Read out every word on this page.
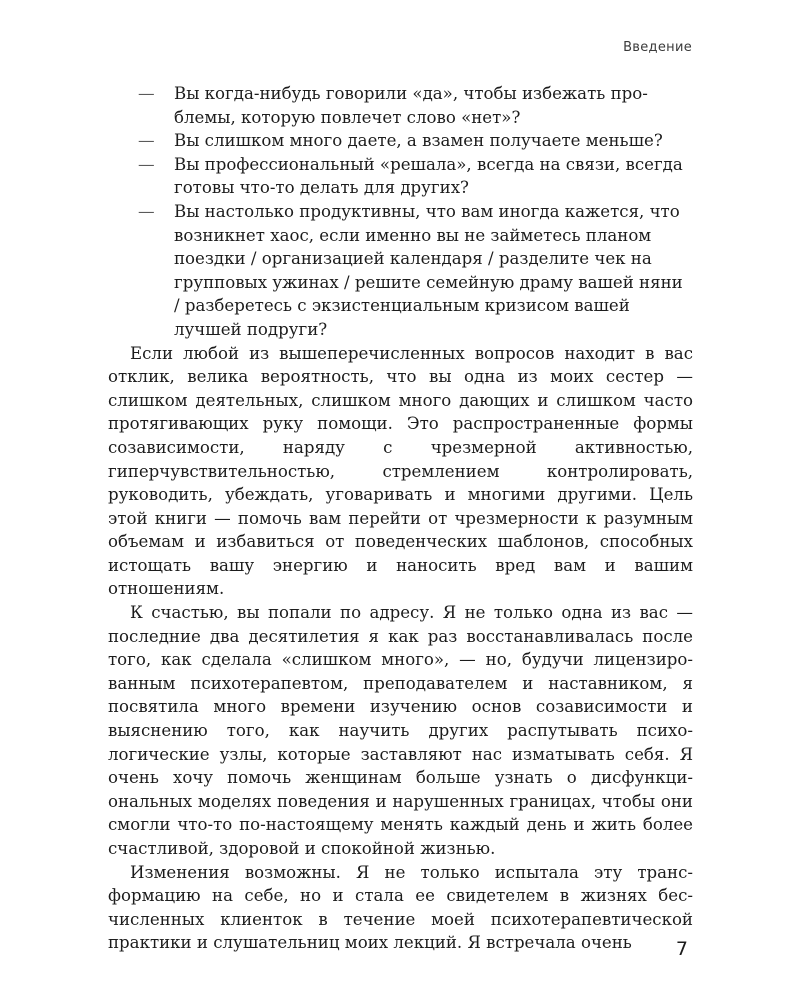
Введение
—	Вы когда-нибудь говорили «да», чтобы избежать проблемы, которую повлечет слово «нет»?
—	Вы слишком много даете, а взамен получаете меньше?
—	Вы профессиональный «решала», всегда на связи, всегда готовы что-то делать для других?
—	Вы настолько продуктивны, что вам иногда кажется, что возникнет хаос, если именно вы не займетесь планом поездки / организацией календаря / разделите чек на групповых ужинах / решите семейную драму вашей няни / разберетесь с экзистенциальным кризисом вашей лучшей подруги?

Если любой из вышеперечисленных вопросов находит в вас отклик, велика вероятность, что вы одна из моих сестер — слишком деятельных, слишком много дающих и слишком часто протягивающих руку помощи. Это распространенные формы созависимости, наряду с чрезмерной активностью, гиперчувствительностью, стремлением контролировать, руководить, убеждать, уговаривать и многими другими. Цель этой книги — помочь вам перейти от чрезмерности к разумным объемам и избавиться от поведенческих шаблонов, способных истощать вашу энергию и наносить вред вам и вашим отношениям.

К счастью, вы попали по адресу. Я не только одна из вас — последние два десятилетия я как раз восстанавливалась после того, как сделала «слишком много», — но, будучи лицензированным психотерапевтом, преподавателем и наставником, я посвятила много времени изучению основ созависимости и выяснению того, как научить других распутывать психологические узлы, которые заставляют нас изматывать себя. Я очень хочу помочь женщинам больше узнать о дисфункциональных моделях поведения и нарушенных границах, чтобы они смогли что-то по-настоящему менять каждый день и жить более счастливой, здоровой и спокойной жизнью.

Изменения возможны. Я не только испытала эту трансформацию на себе, но и стала ее свидетелем в жизнях бесчисленных клиенток в течение моей психотерапевтической практики и слушательниц моих лекций. Я встречала очень	7
